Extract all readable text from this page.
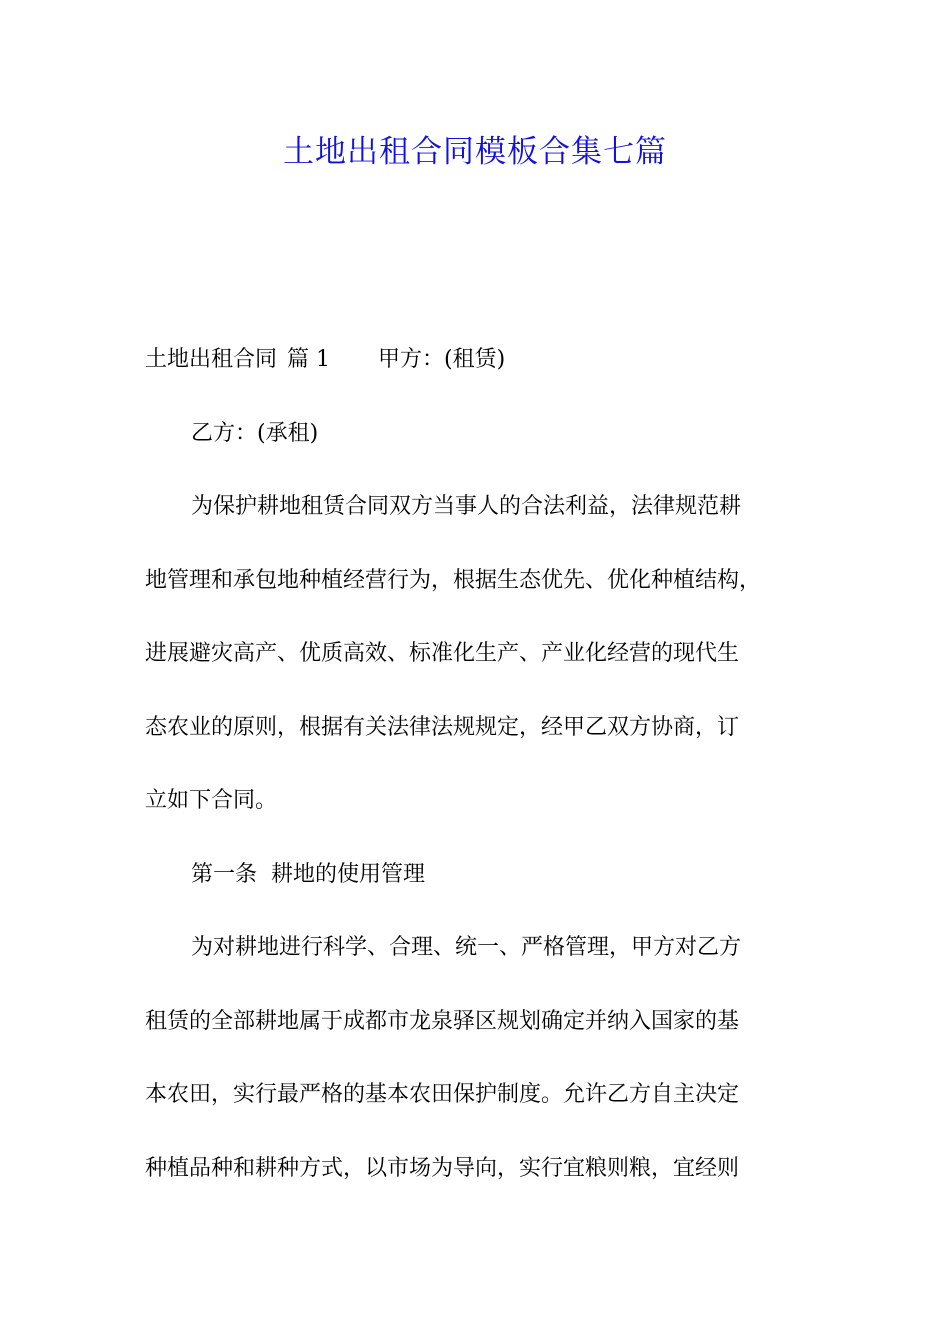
土地出租合同模板合集七篇
土地出租合同 篇 1 甲方：(租赁)
乙方：(承租)
为保护耕地租赁合同双方当事人的合法利益，法律规范耕
地管理和承包地种植经营行为，根据生态优先、优化种植结构，
进展避灾高产、优质高效、标准化生产、产业化经营的现代生
态农业的原则，根据有关法律法规规定，经甲乙双方协商，订
立如下合同。
第一条  耕地的使用管理
为对耕地进行科学、合理、统一、严格管理，甲方对乙方
租赁的全部耕地属于成都市龙泉驿区规划确定并纳入国家的基
本农田，实行最严格的基本农田保护制度。允许乙方自主决定
种植品种和耕种方式，以市场为导向，实行宜粮则粮，宜经则
